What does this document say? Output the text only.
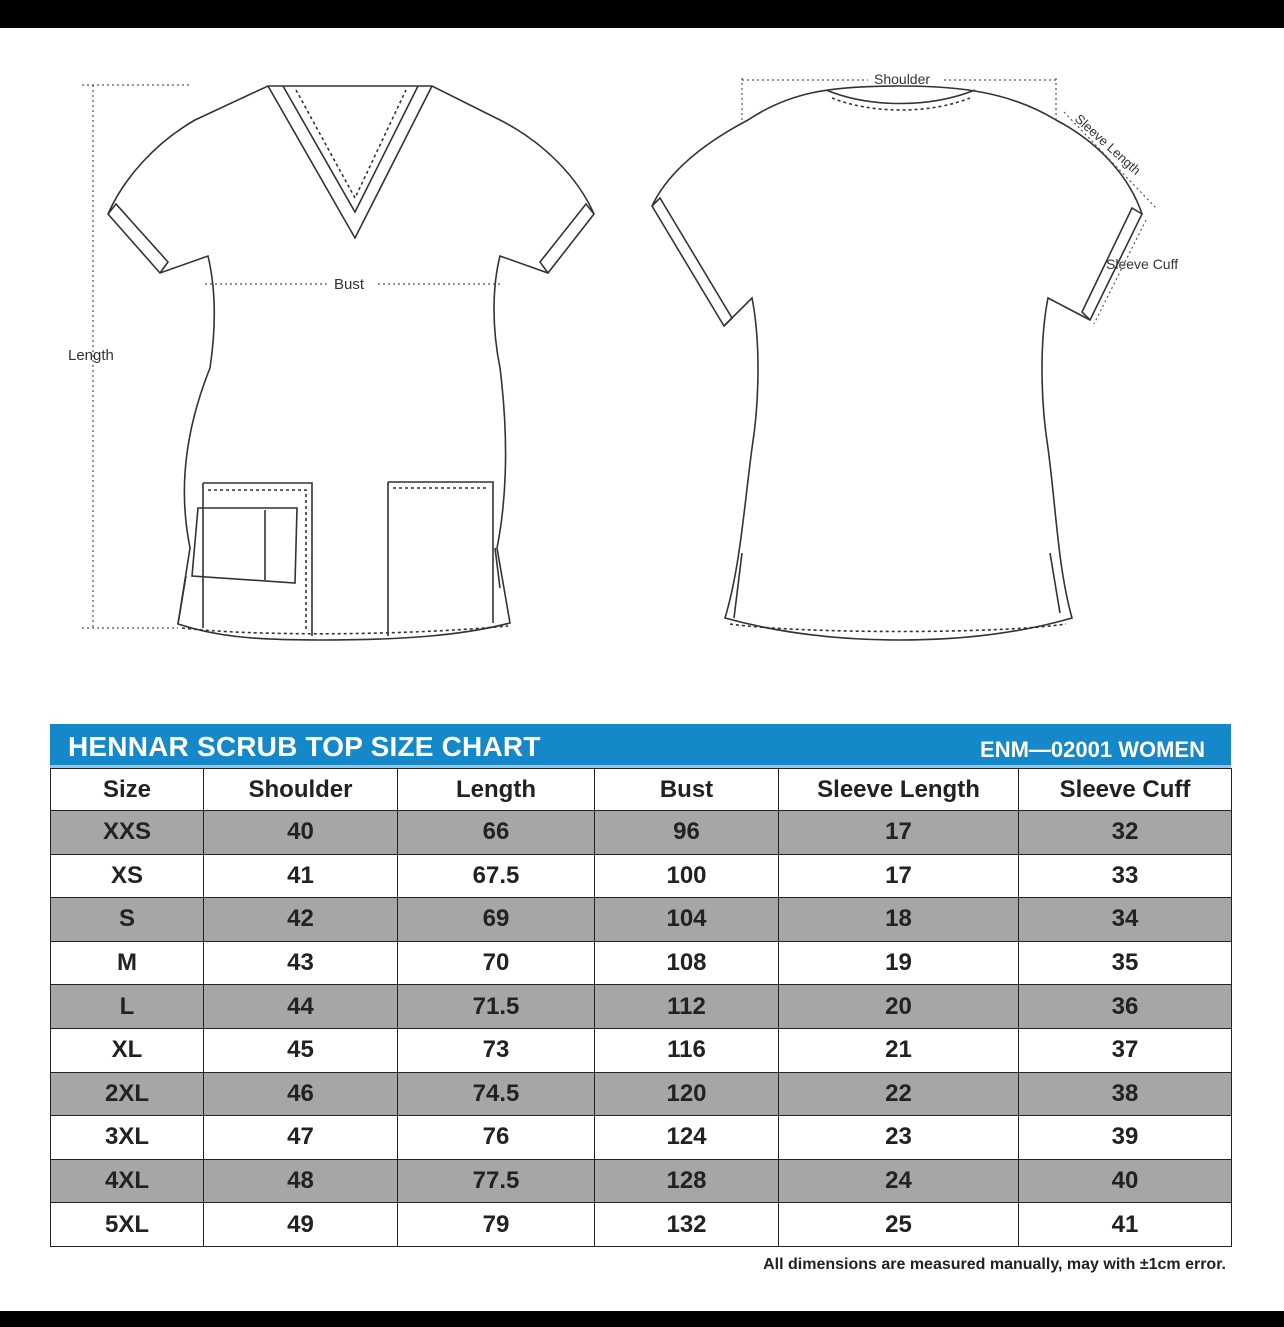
Length
Bust
Shoulder
Sleeve Length
Sleeve Cuff
HENNAR SCRUB TOP SIZE CHART	ENM—02001 WOMEN
Size	Shoulder	Length	Bust	Sleeve Length	Sleeve Cuff
XXS	40	66	96	17	32
XS	41	67.5	100	17	33
S	42	69	104	18	34
M	43	70	108	19	35
L	44	71.5	112	20	36
XL	45	73	116	21	37
2XL	46	74.5	120	22	38
3XL	47	76	124	23	39
4XL	48	77.5	128	24	40
5XL	49	79	132	25	41
All dimensions are measured manually, may with ±1cm error.
